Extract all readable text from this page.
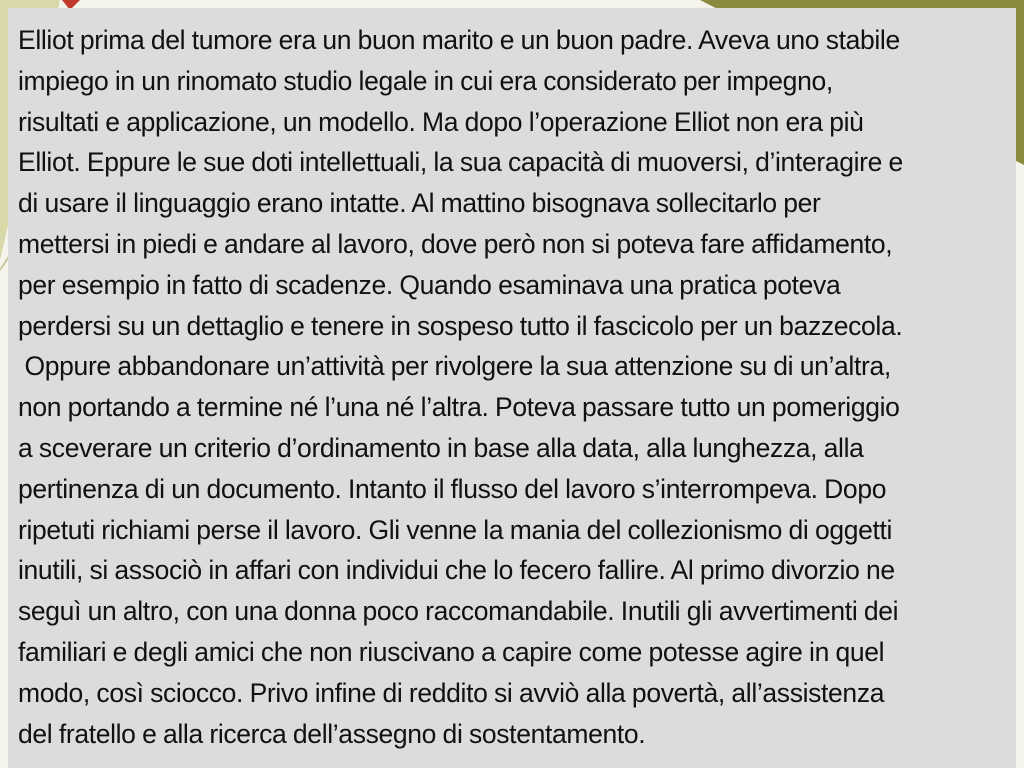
Elliot prima del tumore era un buon marito e un buon padre. Aveva uno stabile
impiego in un rinomato studio legale in cui era considerato per impegno,
risultati e applicazione, un modello. Ma dopo l’operazione Elliot non era più
Elliot. Eppure le sue doti intellettuali, la sua capacità di muoversi, d’interagire e
di usare il linguaggio erano intatte. Al mattino bisognava sollecitarlo per
mettersi in piedi e andare al lavoro, dove però non si poteva fare affidamento,
per esempio in fatto di scadenze. Quando esaminava una pratica poteva
perdersi su un dettaglio e tenere in sospeso tutto il fascicolo per un bazzecola.
Oppure abbandonare un’attività per rivolgere la sua attenzione su di un’altra,
non portando a termine né l’una né l’altra. Poteva passare tutto un pomeriggio
a sceverare un criterio d’ordinamento in base alla data, alla lunghezza, alla
pertinenza di un documento. Intanto il flusso del lavoro s’interrompeva. Dopo
ripetuti richiami perse il lavoro. Gli venne la mania del collezionismo di oggetti
inutili, si associò in affari con individui che lo fecero fallire. Al primo divorzio ne
seguì un altro, con una donna poco raccomandabile. Inutili gli avvertimenti dei
familiari e degli amici che non riuscivano a capire come potesse agire in quel
modo, così sciocco. Privo infine di reddito si avviò alla povertà, all’assistenza
del fratello e alla ricerca dell’assegno di sostentamento.
